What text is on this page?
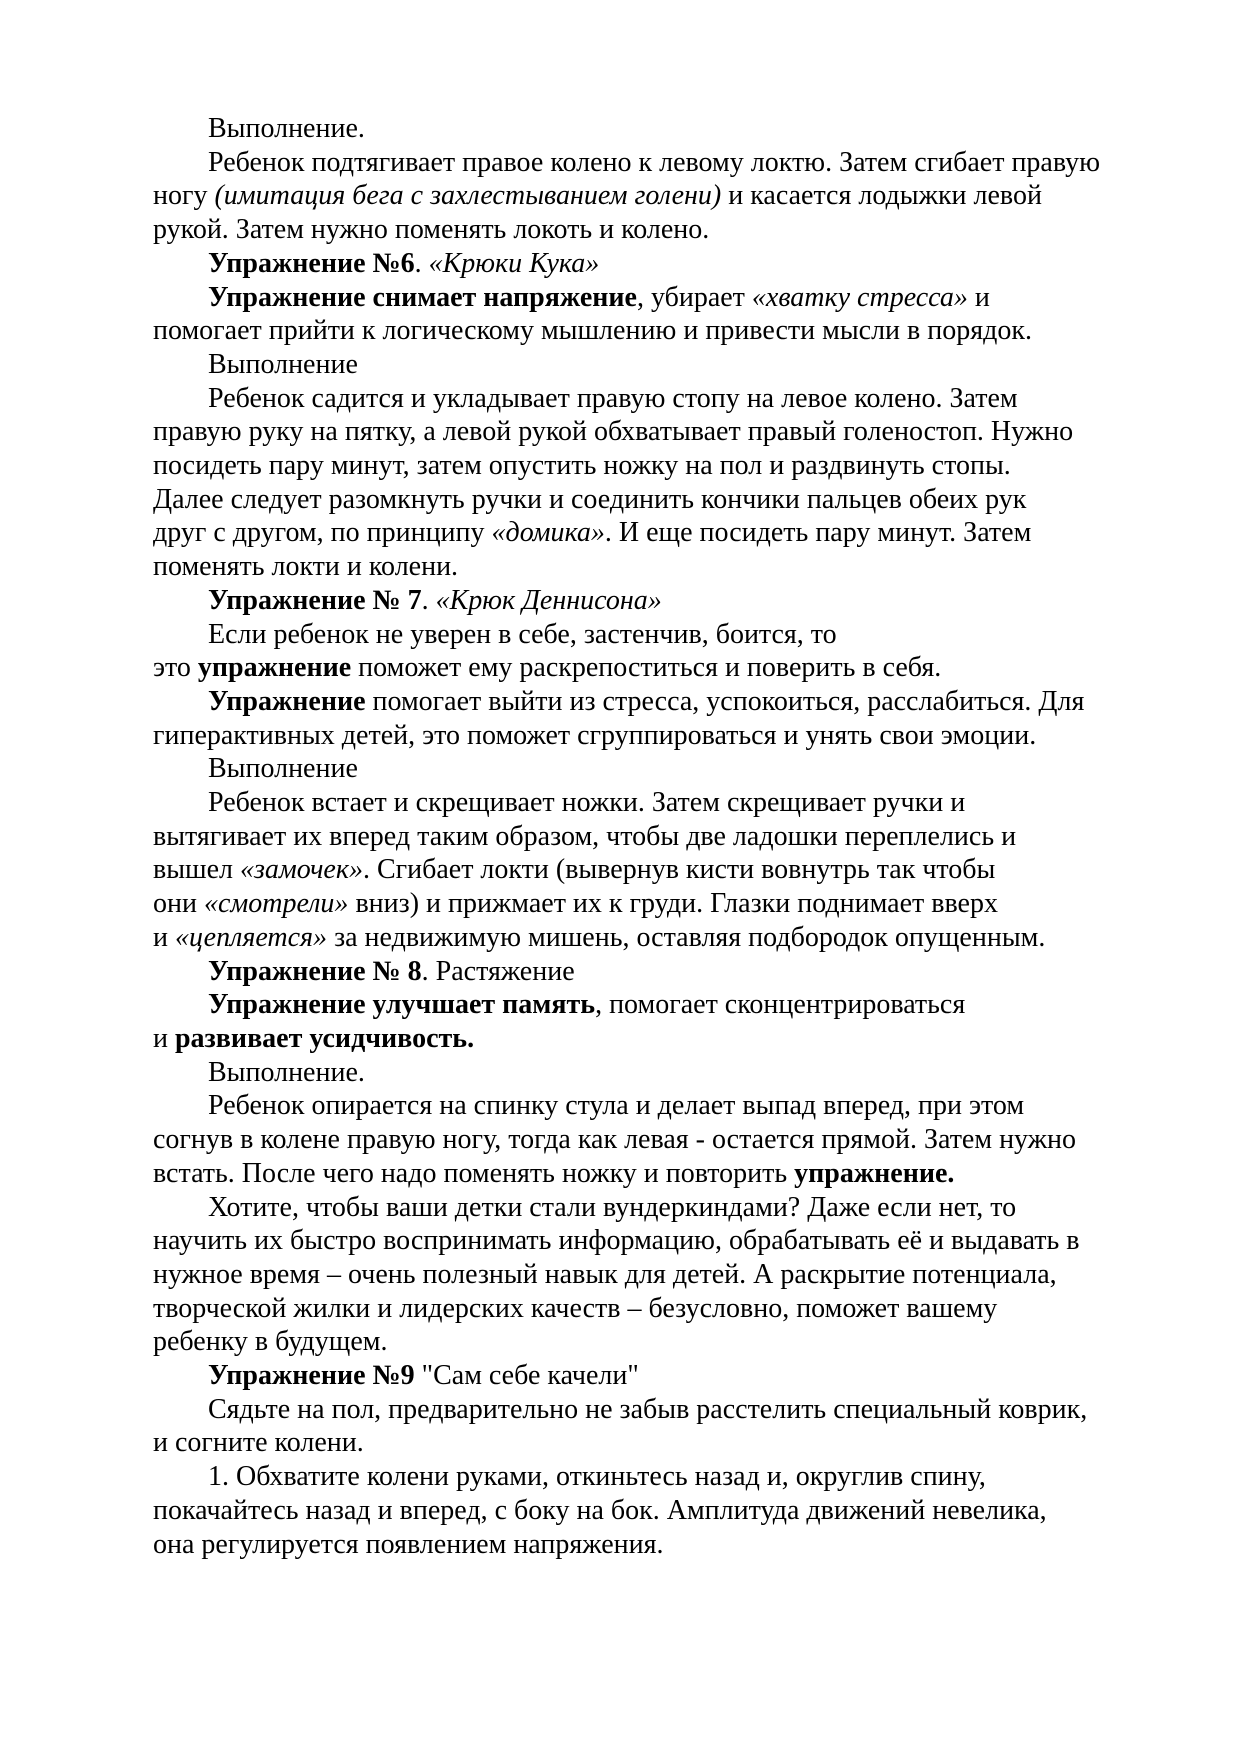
Выполнение.
Ребенок подтягивает правое колено к левому локтю. Затем сгибает правую
ногу (имитация бега с захлестыванием голени) и касается лодыжки левой
рукой. Затем нужно поменять локоть и колено.
Упражнение №6. «Крюки Кука»
Упражнение снимает напряжение, убирает «хватку стресса» и
помогает прийти к логическому мышлению и привести мысли в порядок.
Выполнение
Ребенок садится и укладывает правую стопу на левое колено. Затем
правую руку на пятку, а левой рукой обхватывает правый голеностоп. Нужно
посидеть пару минут, затем опустить ножку на пол и раздвинуть стопы.
Далее следует разомкнуть ручки и соединить кончики пальцев обеих рук
друг с другом, по принципу «домика». И еще посидеть пару минут. Затем
поменять локти и колени.
Упражнение № 7. «Крюк Деннисона»
Если ребенок не уверен в себе, застенчив, боится, то
это упражнение поможет ему раскрепоститься и поверить в себя.
Упражнение помогает выйти из стресса, успокоиться, расслабиться. Для
гиперактивных детей, это поможет сгруппироваться и унять свои эмоции.
Выполнение
Ребенок встает и скрещивает ножки. Затем скрещивает ручки и
вытягивает их вперед таким образом, чтобы две ладошки переплелись и
вышел «замочек». Сгибает локти (вывернув кисти вовнутрь так чтобы
они «смотрели» вниз) и прижмает их к груди. Глазки поднимает вверх
и «цепляется» за недвижимую мишень, оставляя подбородок опущенным.
Упражнение № 8. Растяжение
Упражнение улучшает память, помогает сконцентрироваться
и развивает усидчивость.
Выполнение.
Ребенок опирается на спинку стула и делает выпад вперед, при этом
согнув в колене правую ногу, тогда как левая - остается прямой. Затем нужно
встать. После чего надо поменять ножку и повторить упражнение.
Хотите, чтобы ваши детки стали вундеркиндами? Даже если нет, то
научить их быстро воспринимать информацию, обрабатывать её и выдавать в
нужное время – очень полезный навык для детей. А раскрытие потенциала,
творческой жилки и лидерских качеств – безусловно, поможет вашему
ребенку в будущем.
Упражнение №9 "Сам себе качели"
Сядьте на пол, предварительно не забыв расстелить специальный коврик,
и согните колени.
1. Обхватите колени руками, откиньтесь назад и, округлив спину,
покачайтесь назад и вперед, с боку на бок. Амплитуда движений невелика,
она регулируется появлением напряжения.
